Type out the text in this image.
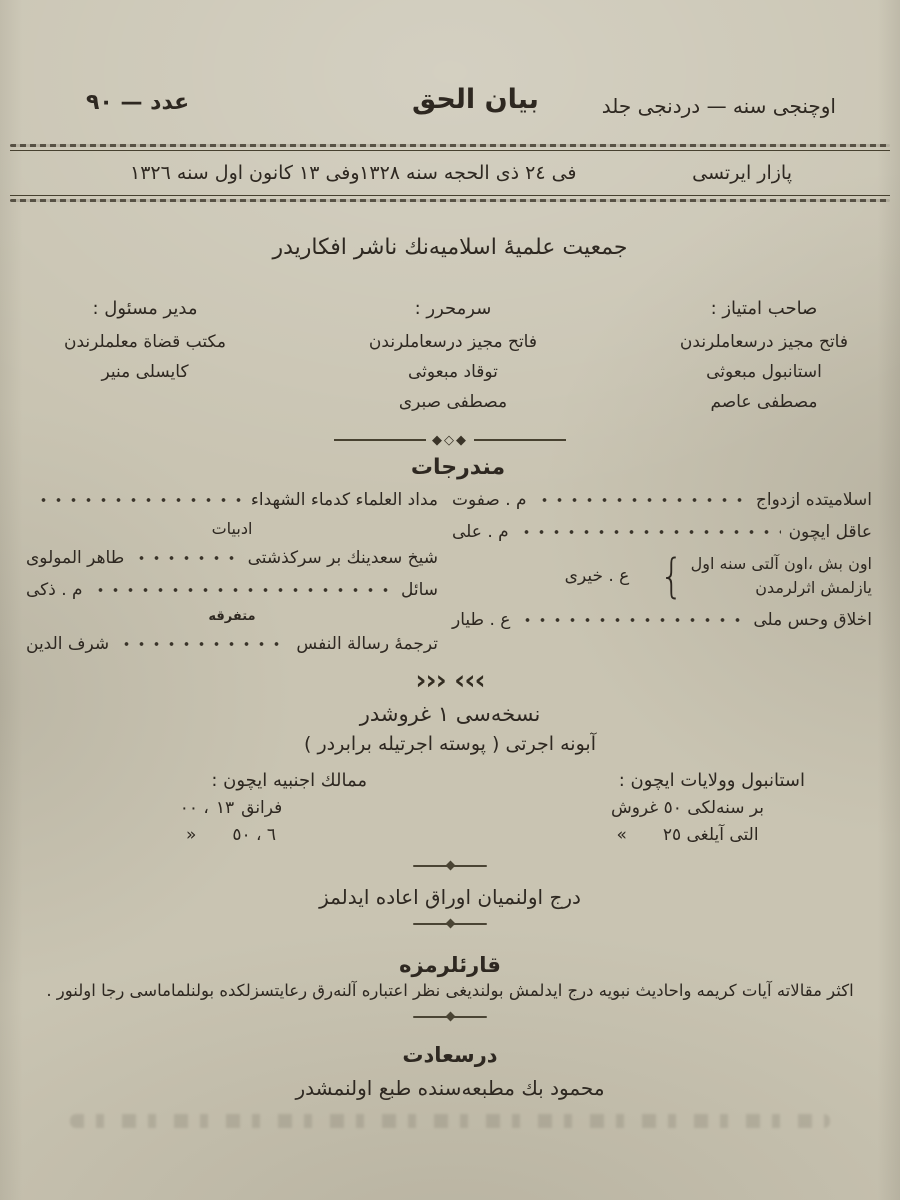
اوچنجى سنه — دردنجى جلد
بيان الحق
عدد — ٩٠
پازار ايرتسى
فى ٢٤ ذى الحجه سنه ١٣٢٨
وفى ١٣ كانون اول سنه ١٣٢٦
جمعيت علميهٔ اسلاميه‌نك ناشر افكاريدر
صاحب امتياز :
فاتح مجيز درسعاملرندن
استانبول مبعوثى
مصطفى عاصم
سرمحرر :
فاتح مجيز درسعاملرندن
توقاد مبعوثى
مصطفى صبرى
مدير مسئول :
مكتب قضاة معلملرندن
كايسلى منير
◆◇◆
مندرجات
اسلاميتده ازدواج
م . صفوت
عاقل ايچون
م . على
اون بش ،اون آلتى سنه اول
يازلمش اثرلرمدن
{
ع . خيرى
اخلاق وحس ملى
ع . طيار
مداد العلماء كدماء الشهداء
ادبيات
شيخ سعدينك بر سركذشتى
طاهر المولوى
سائل
م . ذكى
متفرقه
ترجمهٔ رسالة النفس
شرف الدين
››› ‹‹‹
نسخه‌سى ١ غروشدر
آبونه اجرتى ( پوسته اجرتيله برابردر )
استانبول وولايات ايچون :
بر سنه‌لكى ٥٠ غروش
التى آيلغى ٢٥
»
ممالك اجنبيه ايچون :
٠٠ ، ١٣ فرانق
» ٦ ، ٥٠
درج اولنميان اوراق اعاده ايدلمز
قارئلرمزه
اكثر مقالاته آيات كريمه واحاديث نبويه درج ايدلمش بولنديغى نظر اعتباره آلنه‌رق رعايتسزلكده بولنلماماسى رجا اولنور .
درسعادت
محمود بك مطبعه‌سنده طبع اولنمشدر
